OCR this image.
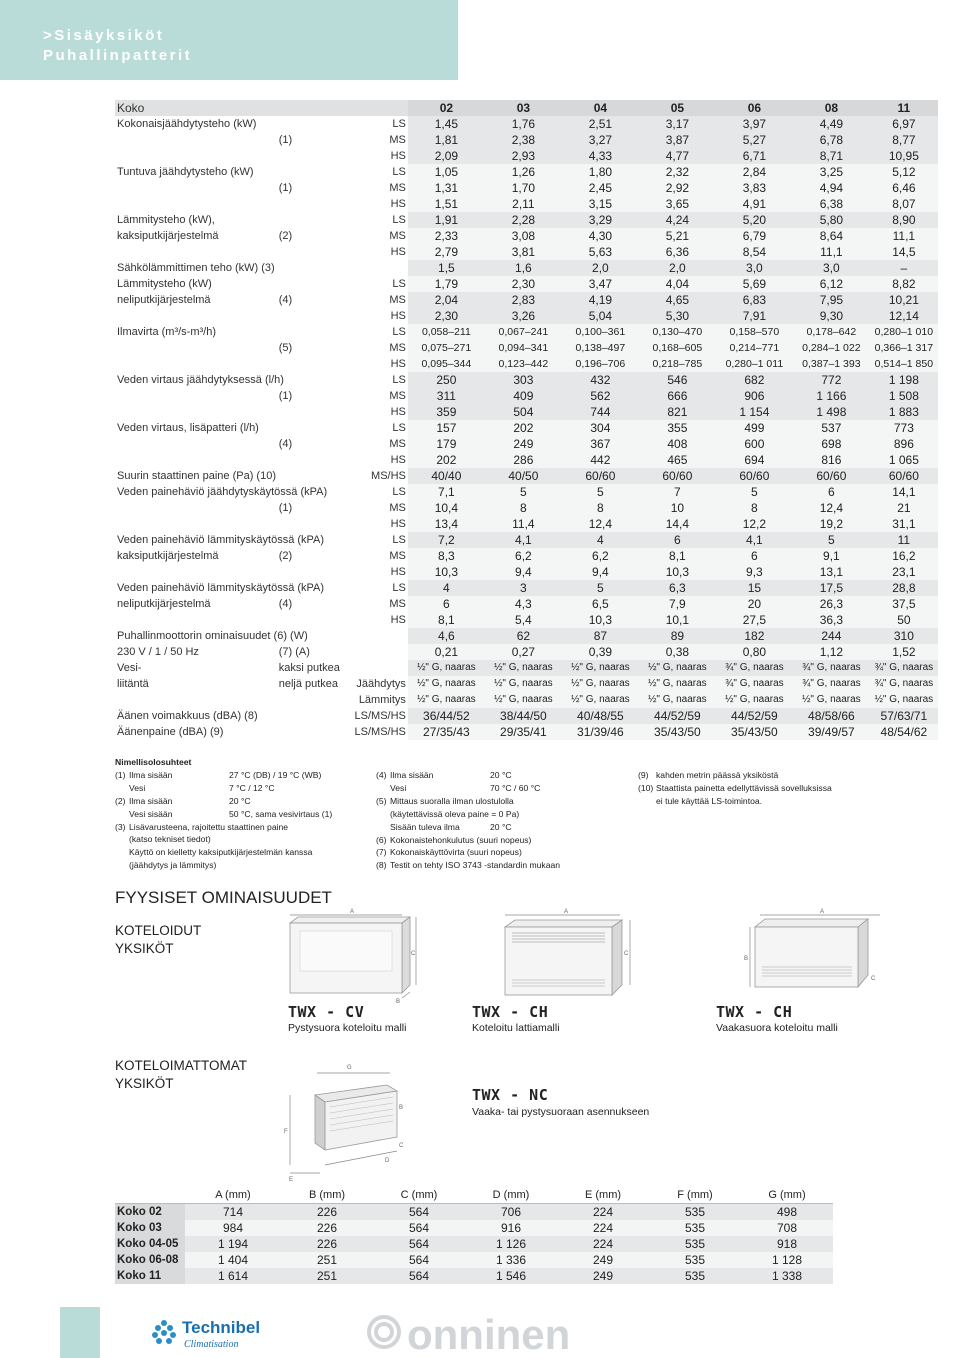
>Sisäyksiköt
Puhallinpatterit
Koko			02	03	04	05	06	08	11
Kokonaisjäähdytysteho (kW)		LS	1,45	1,76	2,51	3,17	3,97	4,49	6,97
	(1)	MS	1,81	2,38	3,27	3,87	5,27	6,78	8,77
		HS	2,09	2,93	4,33	4,77	6,71	8,71	10,95
Tuntuva jäähdytysteho (kW)		LS	1,05	1,26	1,80	2,32	2,84	3,25	5,12
	(1)	MS	1,31	1,70	2,45	2,92	3,83	4,94	6,46
		HS	1,51	2,11	3,15	3,65	4,91	6,38	8,07
Lämmitysteho (kW),		LS	1,91	2,28	3,29	4,24	5,20	5,80	8,90
kaksiputkijärjestelmä	(2)	MS	2,33	3,08	4,30	5,21	6,79	8,64	11,1
		HS	2,79	3,81	5,63	6,36	8,54	11,1	14,5
Sähkölämmittimen teho (kW) (3)			1,5	1,6	2,0	2,0	3,0	3,0	–
Lämmitysteho (kW)		LS	1,79	2,30	3,47	4,04	5,69	6,12	8,82
neliputkijärjestelmä	(4)	MS	2,04	2,83	4,19	4,65	6,83	7,95	10,21
		HS	2,30	3,26	5,04	5,30	7,91	9,30	12,14
Ilmavirta (m³/s-m³/h)		LS	0,058–211	0,067–241	0,100–361	0,130–470	0,158–570	0,178–642	0,280–1 010
	(5)	MS	0,075–271	0,094–341	0,138–497	0,168–605	0,214–771	0,284–1 022	0,366–1 317
		HS	0,095–344	0,123–442	0,196–706	0,218–785	0,280–1 011	0,387–1 393	0,514–1 850
Veden virtaus jäähdytyksessä (l/h)		LS	250	303	432	546	682	772	1 198
	(1)	MS	311	409	562	666	906	1 166	1 508
		HS	359	504	744	821	1 154	1 498	1 883
Veden virtaus, lisäpatteri (l/h)		LS	157	202	304	355	499	537	773
	(4)	MS	179	249	367	408	600	698	896
		HS	202	286	442	465	694	816	1 065
Suurin staattinen paine (Pa) (10)		MS/HS	40/40	40/50	60/60	60/60	60/60	60/60	60/60
Veden painehäviö jäähdytyskäytössä (kPA)		LS	7,1	5	5	7	5	6	14,1
	(1)	MS	10,4	8	8	10	8	12,4	21
		HS	13,4	11,4	12,4	14,4	12,2	19,2	31,1
Veden painehäviö lämmityskäytössä (kPA)		LS	7,2	4,1	4	6	4,1	5	11
kaksiputkijärjestelmä	(2)	MS	8,3	6,2	6,2	8,1	6	9,1	16,2
		HS	10,3	9,4	9,4	10,3	9,3	13,1	23,1
Veden painehäviö lämmityskäytössä (kPA)		LS	4	3	5	6,3	15	17,5	28,8
neliputkijärjestelmä	(4)	MS	6	4,3	6,5	7,9	20	26,3	37,5
		HS	8,1	5,4	10,3	10,1	27,5	36,3	50
Puhallinmoottorin ominaisuudet (6) (W)			4,6	62	87	89	182	244	310
230 V / 1 / 50 Hz	(7) (A)		0,21	0,27	0,39	0,38	0,80	1,12	1,52
Vesi-	kaksi putkea		½" G, naaras	½" G, naaras	½" G, naaras	½" G, naaras	¾" G, naaras	¾" G, naaras	¾" G, naaras
liitäntä	neljä putkea	Jäähdytys	½" G, naaras	½" G, naaras	½" G, naaras	½" G, naaras	¾" G, naaras	¾" G, naaras	¾" G, naaras
		Lämmitys	½" G, naaras	½" G, naaras	½" G, naaras	½" G, naaras	½" G, naaras	½" G, naaras	½" G, naaras
Äänen voimakkuus (dBA) (8)		LS/MS/HS	36/44/52	38/44/50	40/48/55	44/52/59	44/52/59	48/58/66	57/63/71
Äänenpaine (dBA) (9)		LS/MS/HS	27/35/43	29/35/41	31/39/46	35/43/50	35/43/50	39/49/57	48/54/62
Nimellisolosuhteet
(1) Ilma sisään	27 °C (DB) / 19 °C (WB)
Vesi	7 °C / 12 °C
(2) Ilma sisään	20 °C
Vesi sisään	50 °C, sama vesivirtaus (1)
(3) Lisävarusteena, rajoitettu staattinen paine
(katso tekniset tiedot)
Käyttö on kielletty kaksiputkijärjestelmän kanssa
(jäähdytys ja lämmitys)
(4) Ilma sisään	20 °C
Vesi	70 °C / 60 °C
(5) Mittaus suoralla ilman ulostulolla
(käytettävissä oleva paine = 0 Pa)
Sisään tuleva ilma	20 °C
(6) Kokonaistehonkulutus (suuri nopeus)
(7) Kokonaiskäyttövirta (suuri nopeus)
(8) Testit on tehty ISO 3743 -standardin mukaan
(9) kahden metrin päässä yksiköstä
(10) Staattista painetta edellyttävissä sovelluksissa
ei tule käyttää LS-toimintoa.
FYYSISET OMINAISUUDET
KOTELOIDUT
YKSIKÖT
KOTELOIMATTOMAT
YKSIKÖT
A
C
B
A
C
A
B
C
G
F
D
E
B
C
TWX - CV
Pystysuora koteloitu malli
TWX - CH
Koteloitu lattiamalli
TWX - CH
Vaakasuora koteloitu malli
TWX - NC
Vaaka- tai pystysuoraan asennukseen
	A (mm)	B (mm)	C (mm)	D (mm)	E (mm)	F (mm)	G (mm)
Koko 02	714	226	564	706	224	535	498
Koko 03	984	226	564	916	224	535	708
Koko 04-05	1 194	226	564	1 126	224	535	918
Koko 06-08	1 404	251	564	1 336	249	535	1 128
Koko 11	1 614	251	564	1 546	249	535	1 338
Technibel
Climatisation	onninen
